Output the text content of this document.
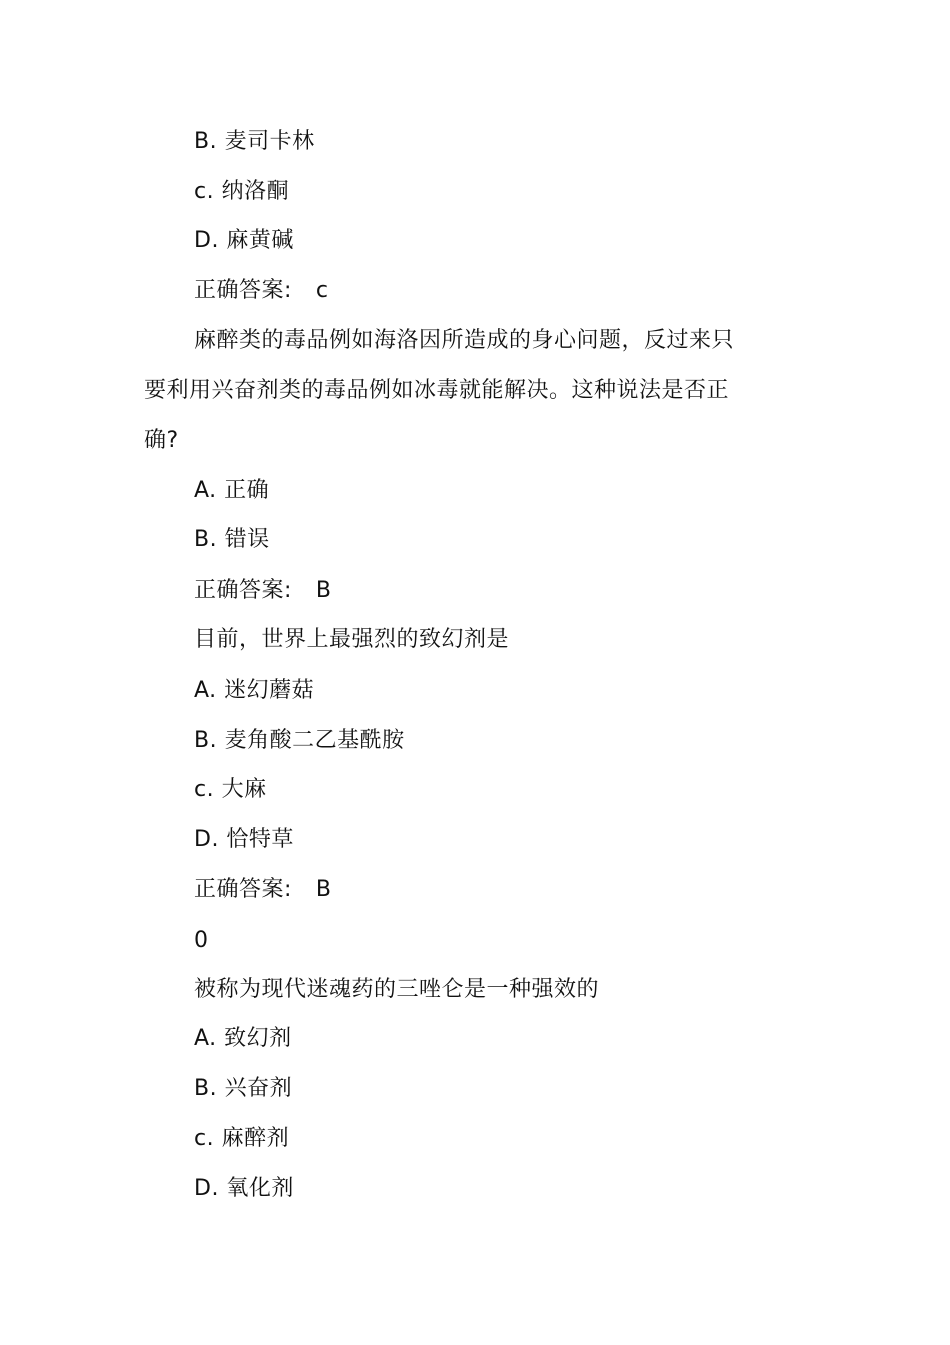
B. 麦司卡林
c. 纳洛酮
D. 麻黄碱
正确答案: c
麻醉类的毒品例如海洛因所造成的身心问题，反过来只
要利用兴奋剂类的毒品例如冰毒就能解决。这种说法是否正
确?
A. 正确
B. 错误
正确答案: B
目前，世界上最强烈的致幻剂是
A. 迷幻蘑菇
B. 麦角酸二乙基酰胺
c. 大麻
D. 恰特草
正确答案: B
0
被称为现代迷魂药的三唑仑是一种强效的
A. 致幻剂
B. 兴奋剂
c. 麻醉剂
D. 氧化剂
